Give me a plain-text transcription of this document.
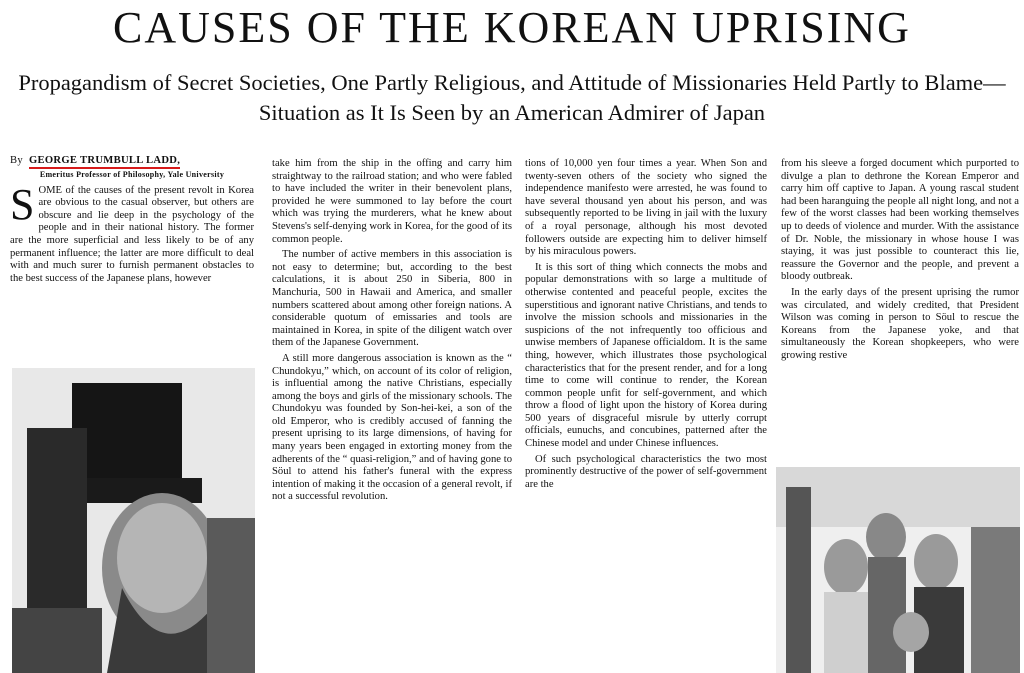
CAUSES OF THE KOREAN UPRISING
Propagandism of Secret Societies, One Partly Religious, and Attitude of Missionaries Held Partly to Blame—Situation as It Is Seen by an American Admirer of Japan
By GEORGE TRUMBULL LADD,
Emeritus Professor of Philosophy, Yale University

SOME of the causes of the present revolt in Korea are obvious to the casual observer, but others are obscure and lie deep in the psychology of the people and in their national history. The former are the more superficial and less likely to be of any permanent influence; the latter are more difficult to deal with and much surer to furnish permanent obstacles to the best success of the Japanese plans, however

take him from the ship in the offing and carry him straightway to the railroad station; and who were fabled to have included the writer in their benevolent plans, provided he were summoned to lay before the court which was trying the murderers, what he knew about Stevens's self-denying work in Korea, for the good of its common people.

The number of active members in this association is not easy to determine; but, according to the best calculations, it is about 250 in Siberia, 800 in Manchuria, 500 in Hawaii and America, and smaller numbers scattered about among other foreign nations. A considerable quotum of emissaries and tools are maintained in Korea, in spite of the diligent watch over them of the Japanese Government.

A still more dangerous association is known as the “ Chundokyu,” which, on account of its color of religion, is influential among the native Christians, especially among the boys and girls of the missionary schools. The Chundokyu was founded by Son-hei-kei, a son of the old Emperor, who is credibly accused of fanning the present uprising to its large dimensions, of having for many years been engaged in extorting money from the adherents of the “ quasi-religion,” and of having gone to Söul to attend his father's funeral with the express intention of making it the occasion of a general revolt, if not a successful revolution.

tions of 10,000 yen four times a year. When Son and twenty-seven others of the society who signed the independence manifesto were arrested, he was found to have several thousand yen about his person, and was subsequently reported to be living in jail with the luxury of a royal personage, although his most devoted followers outside are expecting him to deliver himself by his miraculous powers.

It is this sort of thing which connects the mobs and popular demonstrations with so large a multitude of otherwise contented and peaceful people, excites the superstitious and ignorant native Christians, and tends to involve the mission schools and missionaries in the suspicions of the not infrequently too officious and unwise members of Japanese officialdom. It is the same thing, however, which illustrates those psychological characteristics that for the present render, and for a long time to come will continue to render, the Korean common people unfit for self-government, and which throw a flood of light upon the history of Korea during 500 years of disgraceful misrule by utterly corrupt officials, eunuchs, and concubines, patterned after the Chinese model and under Chinese influences.

Of such psychological characteristics the two most prominently destructive of the power of self-government are the

from his sleeve a forged document which purported to divulge a plan to dethrone the Korean Emperor and carry him off captive to Japan. A young rascal student had been haranguing the people all night long, and not a few of the worst classes had been working themselves up to deeds of violence and murder. With the assistance of Dr. Noble, the missionary in whose house I was staying, it was just possible to counteract this lie, reassure the Governor and the people, and prevent a bloody outbreak.

In the early days of the present uprising the rumor was circulated, and widely credited, that President Wilson was coming in person to Söul to rescue the Koreans from the Japanese yoke, and that simultaneously the Korean shopkeepers, who were growing restive
